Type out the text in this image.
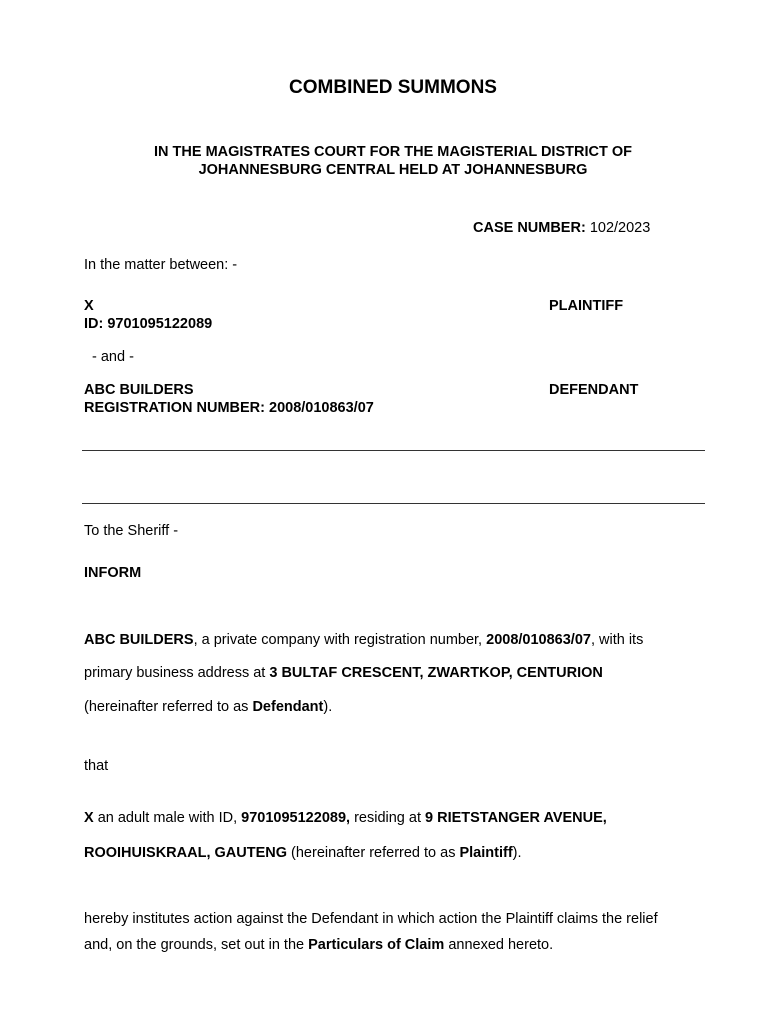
COMBINED SUMMONS
IN THE MAGISTRATES COURT FOR THE MAGISTERIAL DISTRICT OF
JOHANNESBURG CENTRAL HELD AT JOHANNESBURG
CASE NUMBER: 102/2023
In the matter between: -
X
ID: 9701095122089
PLAINTIFF
- and -
ABC BUILDERS
REGISTRATION NUMBER: 2008/010863/07
DEFENDANT
To the Sheriff -
INFORM
ABC BUILDERS, a private company with registration number, 2008/010863/07, with its
primary business address at 3 BULTAF CRESCENT, ZWARTKOP, CENTURION
(hereinafter referred to as Defendant).
that
X an adult male with ID, 9701095122089, residing at 9 RIETSTANGER AVENUE,
ROOIHUISKRAAL, GAUTENG (hereinafter referred to as Plaintiff).
hereby institutes action against the Defendant in which action the Plaintiff claims the relief
and, on the grounds, set out in the Particulars of Claim annexed hereto.
